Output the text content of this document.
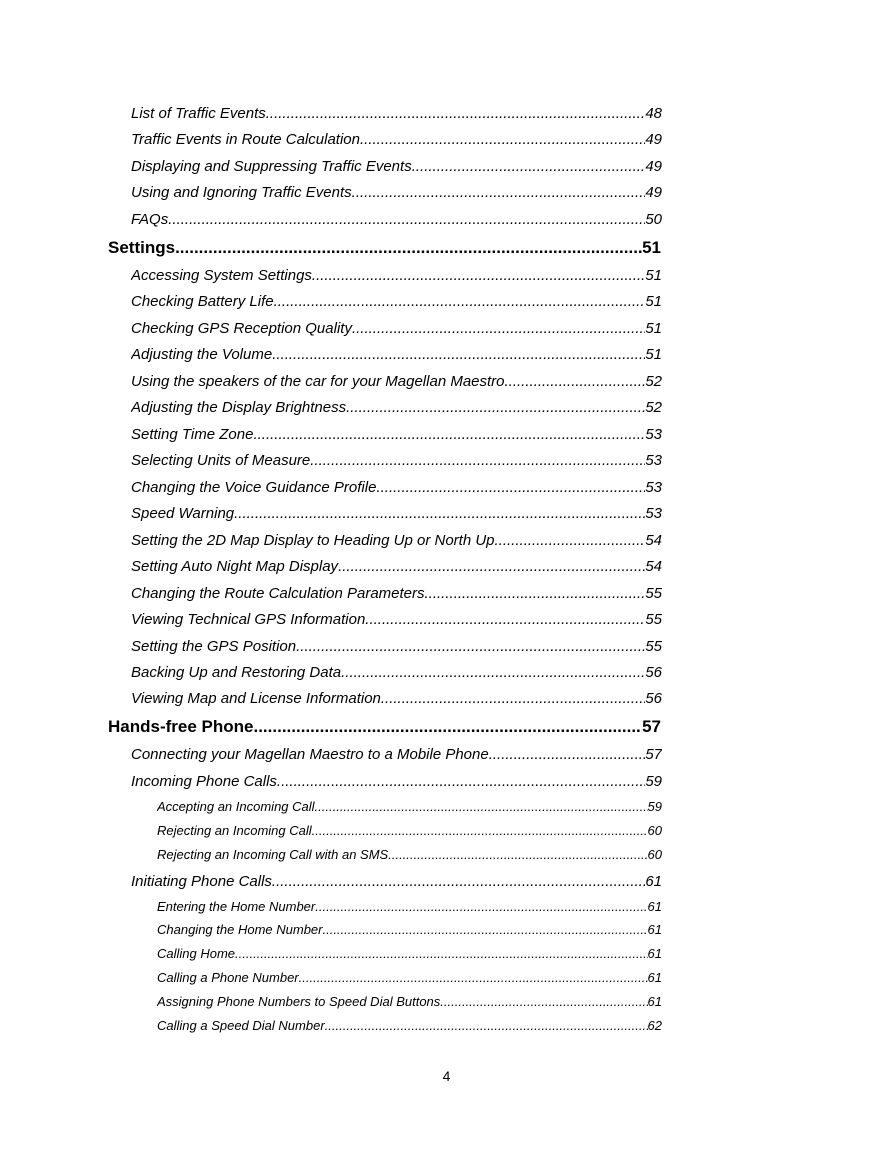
List of Traffic Events .....	48
Traffic Events in Route Calculation .....	49
Displaying and Suppressing Traffic Events .....	49
Using and Ignoring Traffic Events .....	49
FAQs .....	50
Settings .....	51
Accessing System Settings .....	51
Checking Battery Life .....	51
Checking GPS Reception Quality .....	51
Adjusting the Volume .....	51
Using the speakers of the car for your Magellan Maestro .....	52
Adjusting the Display Brightness .....	52
Setting Time Zone .....	53
Selecting Units of Measure .....	53
Changing the Voice Guidance Profile .....	53
Speed Warning .....	53
Setting the 2D Map Display to Heading Up or North Up .....	54
Setting Auto Night Map Display .....	54
Changing the Route Calculation Parameters .....	55
Viewing Technical GPS Information .....	55
Setting the GPS Position .....	55
Backing Up and Restoring Data .....	56
Viewing Map and License Information .....	56
Hands-free Phone .....	57
Connecting your Magellan Maestro to a Mobile Phone .....	57
Incoming Phone Calls .....	59
Accepting an Incoming Call .....	59
Rejecting an Incoming Call .....	60
Rejecting an Incoming Call with an SMS .....	60
Initiating Phone Calls .....	61
Entering the Home Number .....	61
Changing the Home Number .....	61
Calling Home .....	61
Calling a Phone Number .....	61
Assigning Phone Numbers to Speed Dial Buttons .....	61
Calling a Speed Dial Number .....	62
4
